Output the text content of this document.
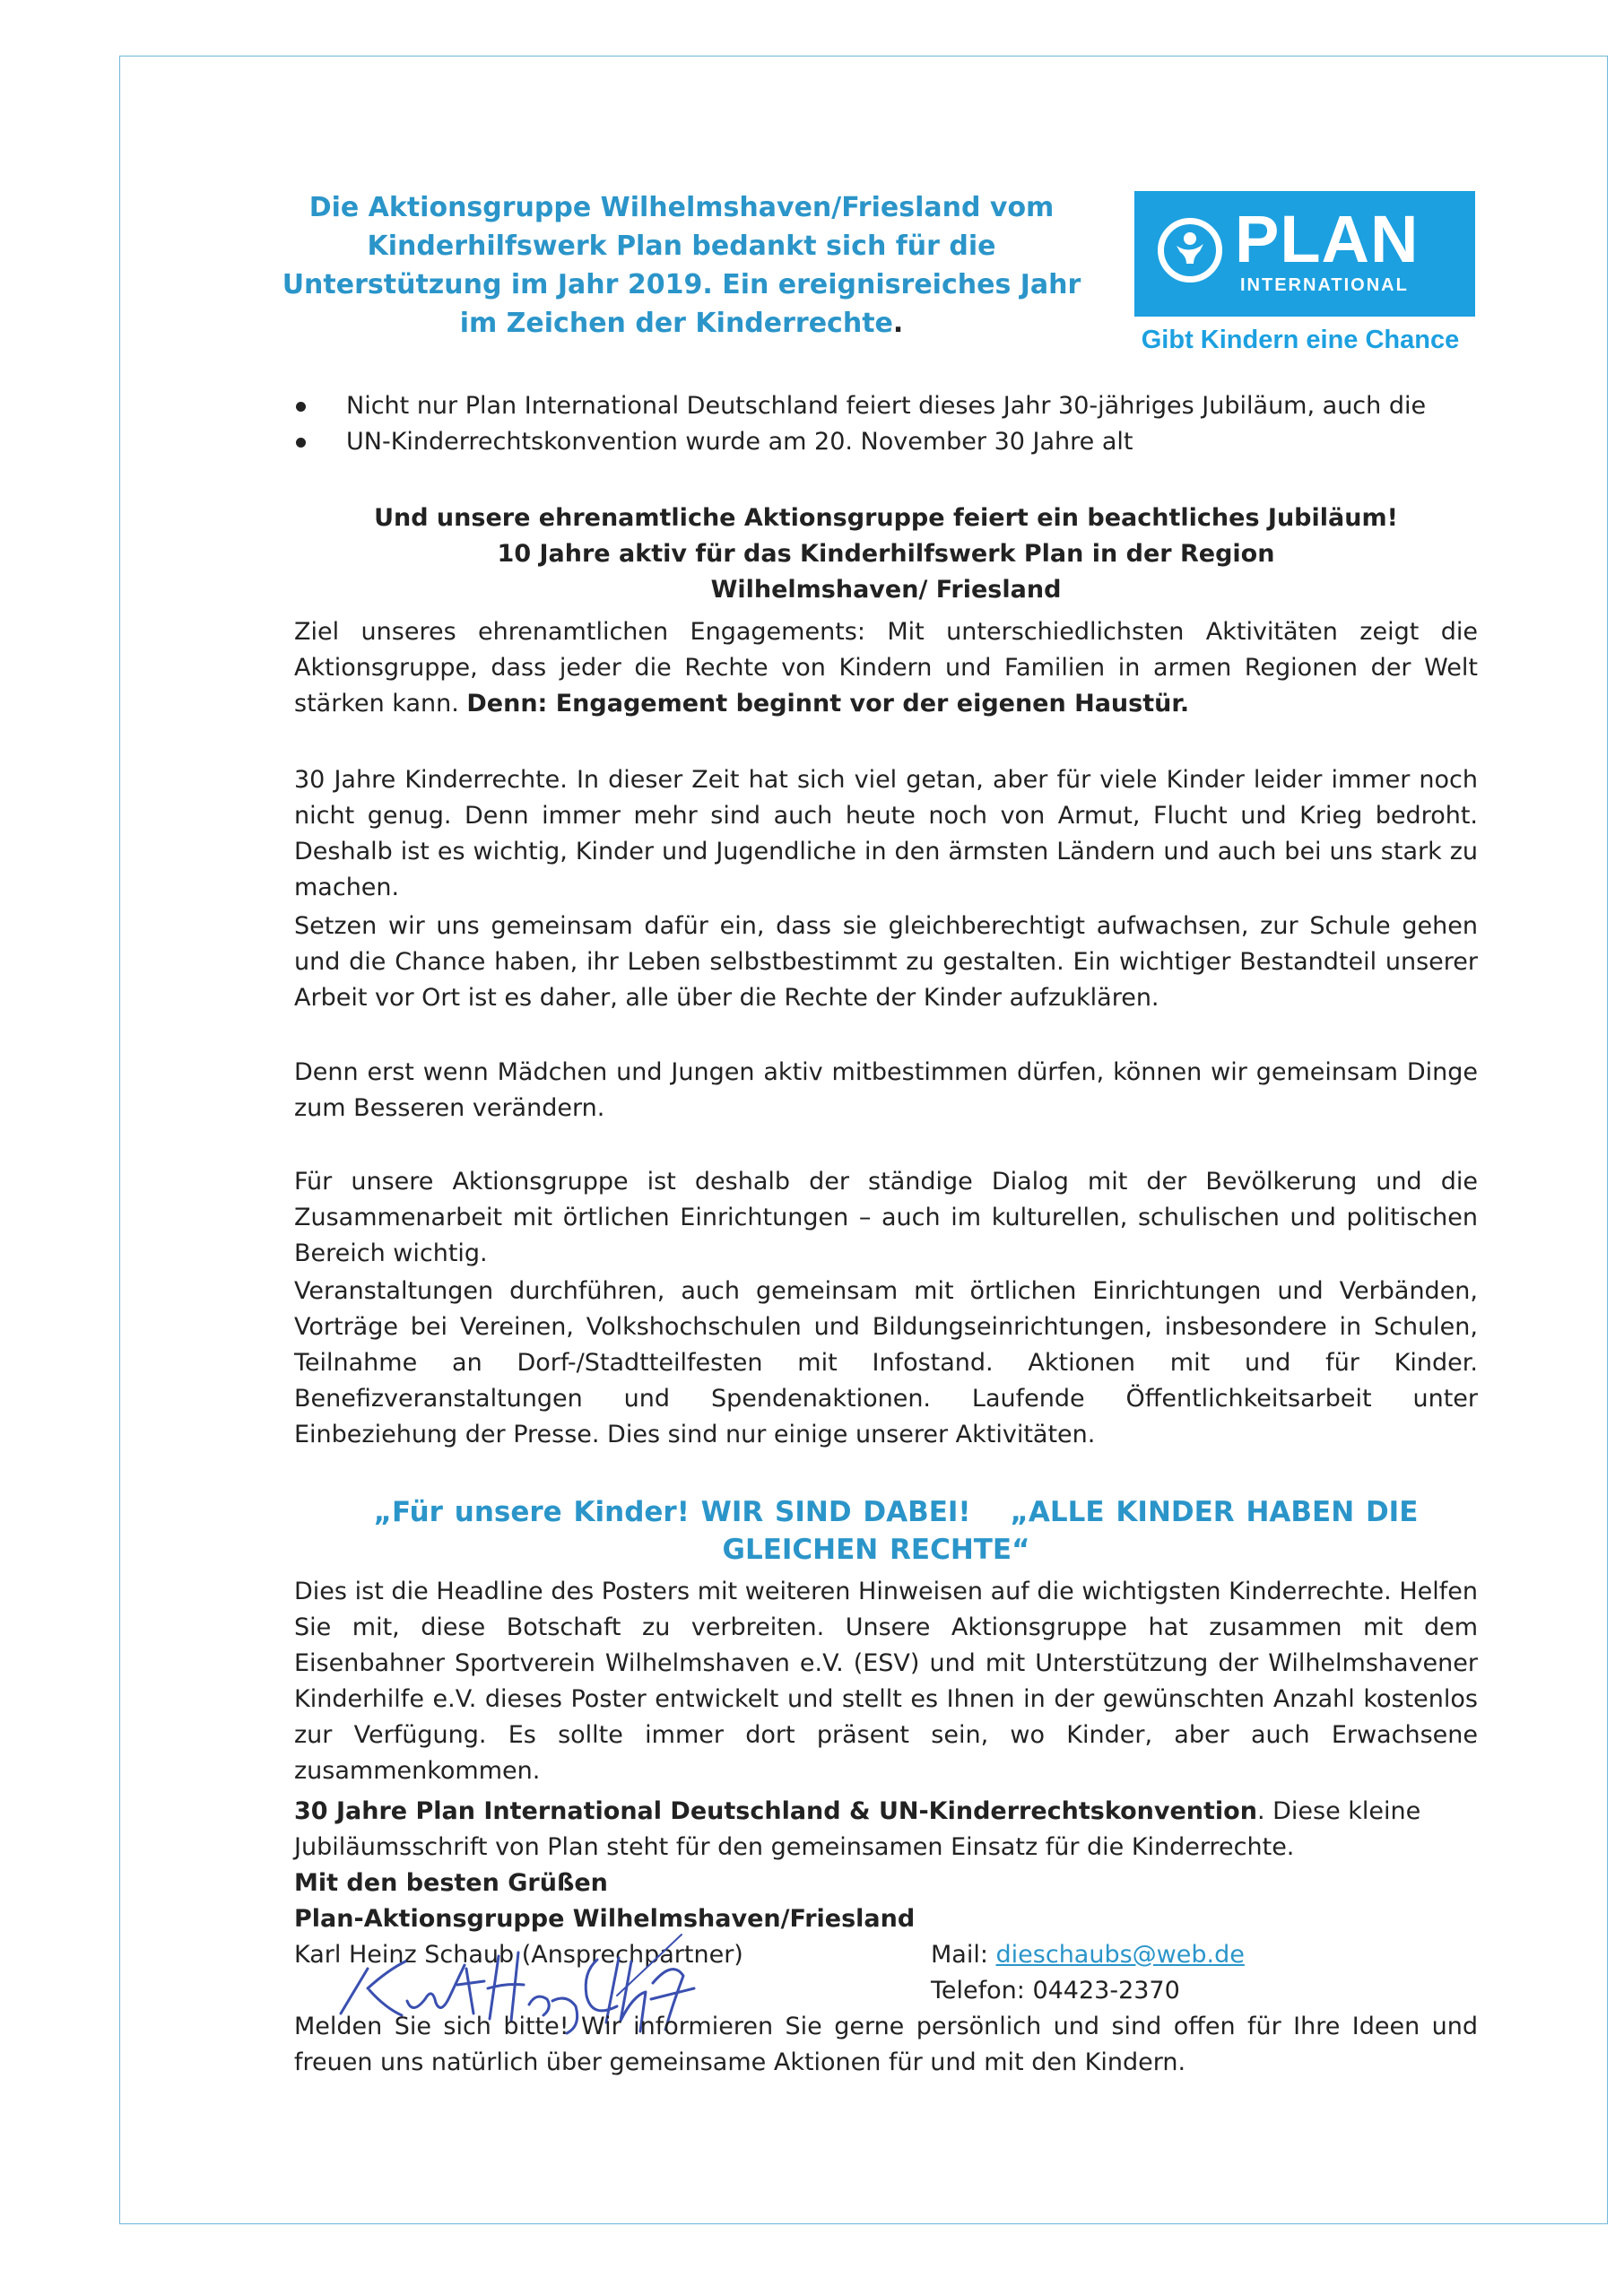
Die Aktionsgruppe Wilhelmshaven/Friesland vom Kinderhilfswerk Plan bedankt sich für die Unterstützung im Jahr 2019. Ein ereignisreiches Jahr im Zeichen der Kinderrechte.
PLAN
INTERNATIONAL
Gibt Kindern eine Chance
Nicht nur Plan International Deutschland feiert dieses Jahr 30-jähriges Jubiläum, auch die
UN-Kinderrechtskonvention wurde am 20. November 30 Jahre alt
Und unsere ehrenamtliche Aktionsgruppe feiert ein beachtliches Jubiläum!
10 Jahre aktiv für das Kinderhilfswerk Plan in der Region
Wilhelmshaven/ Friesland
Ziel unseres ehrenamtlichen Engagements: Mit unterschiedlichsten Aktivitäten zeigt die Aktionsgruppe, dass jeder die Rechte von Kindern und Familien in armen Regionen der Welt stärken kann. Denn: Engagement beginnt vor der eigenen Haustür.
30 Jahre Kinderrechte. In dieser Zeit hat sich viel getan, aber für viele Kinder leider immer noch nicht genug. Denn immer mehr sind auch heute noch von Armut, Flucht und Krieg bedroht. Deshalb ist es wichtig, Kinder und Jugendliche in den ärmsten Ländern und auch bei uns stark zu machen.
Setzen wir uns gemeinsam dafür ein, dass sie gleichberechtigt aufwachsen, zur Schule gehen und die Chance haben, ihr Leben selbstbestimmt zu gestalten. Ein wichtiger Bestandteil unserer Arbeit vor Ort ist es daher, alle über die Rechte der Kinder aufzuklären.
Denn erst wenn Mädchen und Jungen aktiv mitbestimmen dürfen, können wir gemeinsam Dinge zum Besseren verändern.
Für unsere Aktionsgruppe ist deshalb der ständige Dialog mit der Bevölkerung und die Zusammenarbeit mit örtlichen Einrichtungen – auch im kulturellen, schulischen und politischen Bereich wichtig.
Veranstaltungen durchführen, auch gemeinsam mit örtlichen Einrichtungen und Verbänden, Vorträge bei Vereinen, Volkshochschulen und Bildungseinrichtungen, insbesondere in Schulen, Teilnahme an Dorf-/Stadtteilfesten mit Infostand. Aktionen mit und für Kinder. Benefizveranstaltungen und Spendenaktionen. Laufende Öffentlichkeitsarbeit unter Einbeziehung der Presse. Dies sind nur einige unserer Aktivitäten.
„Für unsere Kinder! WIR SIND DABEI! „ALLE KINDER HABEN DIE GLEICHEN RECHTE“
Dies ist die Headline des Posters mit weiteren Hinweisen auf die wichtigsten Kinderrechte. Helfen Sie mit, diese Botschaft zu verbreiten. Unsere Aktionsgruppe hat zusammen mit dem Eisenbahner Sportverein Wilhelmshaven e.V. (ESV) und mit Unterstützung der Wilhelmshavener Kinderhilfe e.V. dieses Poster entwickelt und stellt es Ihnen in der gewünschten Anzahl kostenlos zur Verfügung. Es sollte immer dort präsent sein, wo Kinder, aber auch Erwachsene zusammenkommen.
30 Jahre Plan International Deutschland & UN-Kinderrechtskonvention. Diese kleine Jubiläumsschrift von Plan steht für den gemeinsamen Einsatz für die Kinderrechte.
Mit den besten Grüßen
Plan-Aktionsgruppe Wilhelmshaven/Friesland
Karl Heinz Schaub (Ansprechpartner)	Mail: dieschaubs@web.de
Telefon: 04423-2370
Melden Sie sich bitte! Wir informieren Sie gerne persönlich und sind offen für Ihre Ideen und freuen uns natürlich über gemeinsame Aktionen für und mit den Kindern.
